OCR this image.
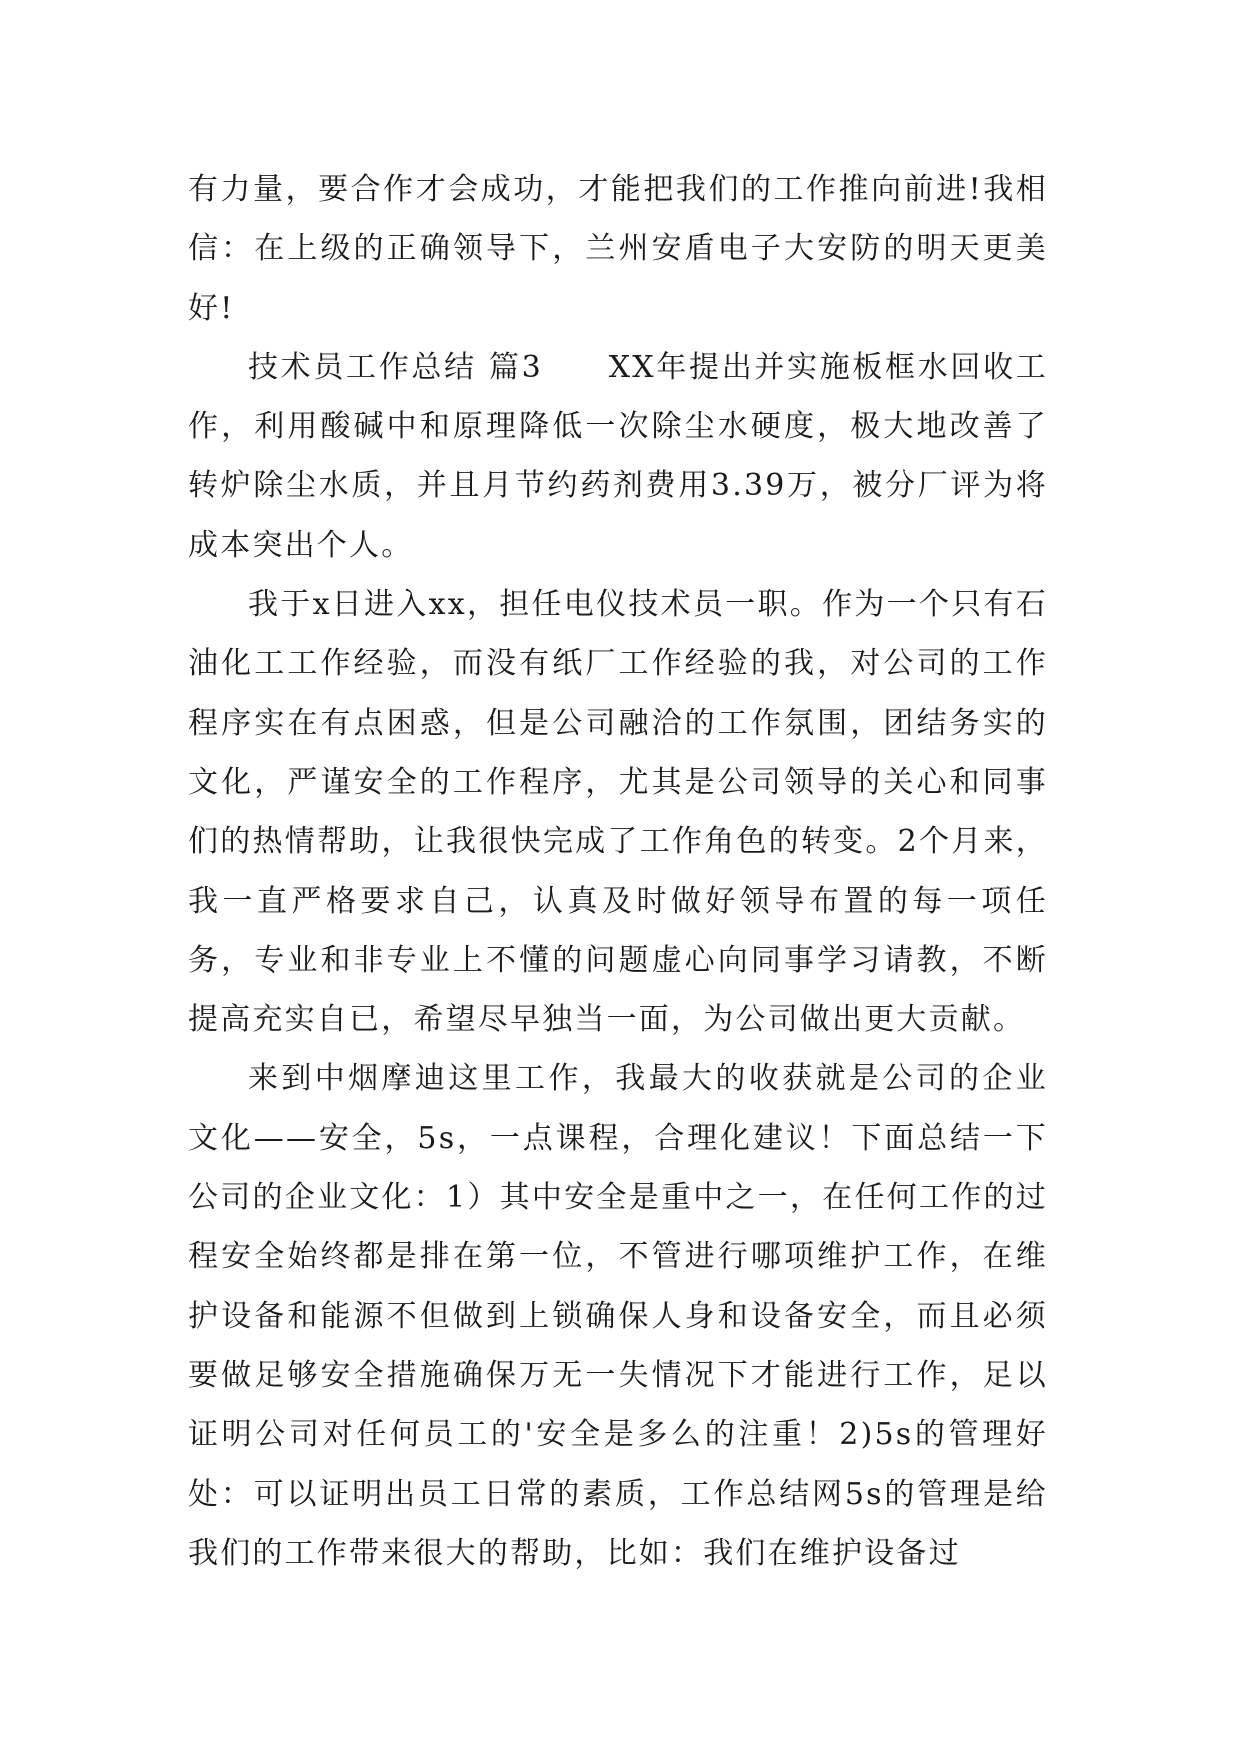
有力量，要合作才会成功，才能把我们的工作推向前进!我相信：在上级的正确领导下，兰州安盾电子大安防的明天更美好!

技术员工作总结 篇3　　XX年提出并实施板框水回收工作，利用酸碱中和原理降低一次除尘水硬度，极大地改善了转炉除尘水质，并且月节约药剂费用3.39万，被分厂评为将成本突出个人。

我于x日进入xx，担任电仪技术员一职。作为一个只有石油化工工作经验，而没有纸厂工作经验的我，对公司的工作程序实在有点困惑，但是公司融洽的工作氛围，团结务实的文化，严谨安全的工作程序，尤其是公司领导的关心和同事们的热情帮助，让我很快完成了工作角色的转变。2个月来，我一直严格要求自己，认真及时做好领导布置的每一项任务，专业和非专业上不懂的问题虚心向同事学习请教，不断提高充实自已，希望尽早独当一面，为公司做出更大贡献。

来到中烟摩迪这里工作，我最大的收获就是公司的企业文化——安全，5s，一点课程，合理化建议！下面总结一下公司的企业文化：1）其中安全是重中之一，在任何工作的过程安全始终都是排在第一位，不管进行哪项维护工作，在维护设备和能源不但做到上锁确保人身和设备安全，而且必须要做足够安全措施确保万无一失情况下才能进行工作，足以证明公司对任何员工的'安全是多么的注重！2)5s的管理好处：可以证明出员工日常的素质，工作总结网5s的管理是给我们的工作带来很大的帮助，比如：我们在维护设备过
